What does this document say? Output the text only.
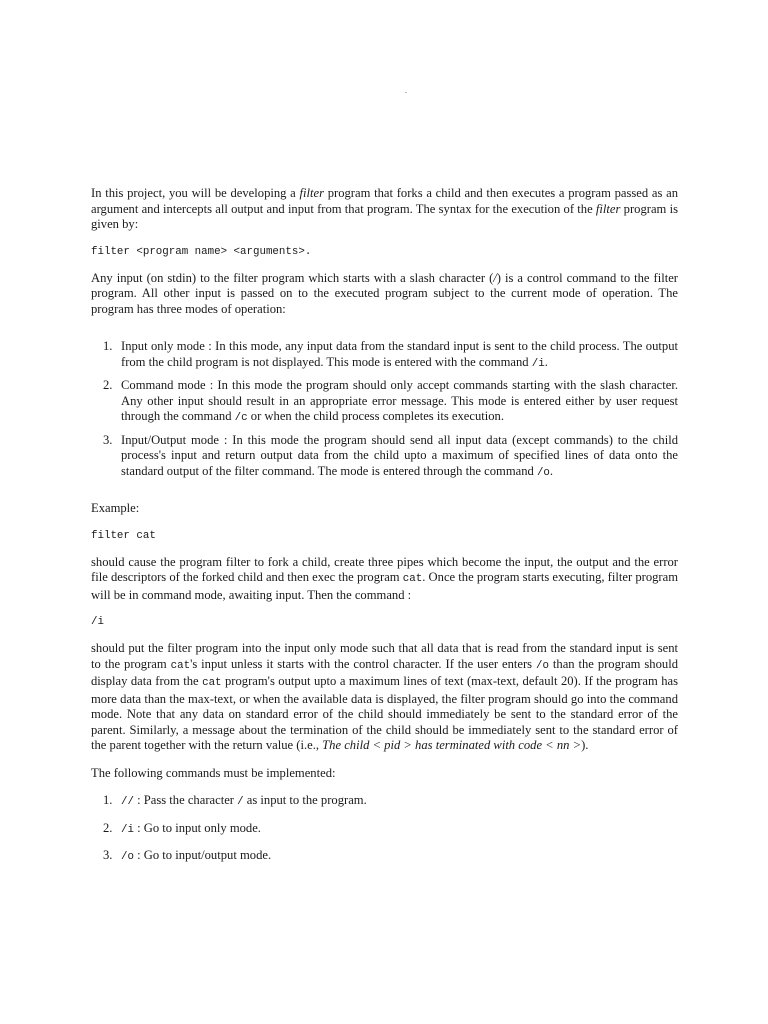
In this project, you will be developing a filter program that forks a child and then executes a program passed as an argument and intercepts all output and input from that program. The syntax for the execution of the filter program is given by:

filter <program name> <arguments>.

Any input (on stdin) to the filter program which starts with a slash character (/) is a control command to the filter program. All other input is passed on to the executed program subject to the current mode of operation. The program has three modes of operation:

1. Input only mode : In this mode, any input data from the standard input is sent to the child process. The output from the child program is not displayed. This mode is entered with the command /i.
2. Command mode : In this mode the program should only accept commands starting with the slash character. Any other input should result in an appropriate error message. This mode is entered either by user request through the command /c or when the child process completes its execution.
3. Input/Output mode : In this mode the program should send all input data (except commands) to the child process's input and return output data from the child upto a maximum of specified lines of data onto the standard output of the filter command. The mode is entered through the command /o.

Example:

filter cat

should cause the program filter to fork a child, create three pipes which become the input, the output and the error file descriptors of the forked child and then exec the program cat. Once the program starts executing, filter program will be in command mode, awaiting input. Then the command :

/i

should put the filter program into the input only mode such that all data that is read from the standard input is sent to the program cat's input unless it starts with the control character. If the user enters /o than the program should display data from the cat program's output upto a maximum lines of text (max-text, default 20). If the program has more data than the max-text, or when the available data is displayed, the filter program should go into the command mode. Note that any data on standard error of the child should immediately be sent to the standard error of the parent. Similarly, a message about the termination of the child should be immediately sent to the standard error of the parent together with the return value (i.e., The child < pid > has terminated with code < nn >).

The following commands must be implemented:

1. // : Pass the character / as input to the program.
2. /i : Go to input only mode.
3. /o : Go to input/output mode.
